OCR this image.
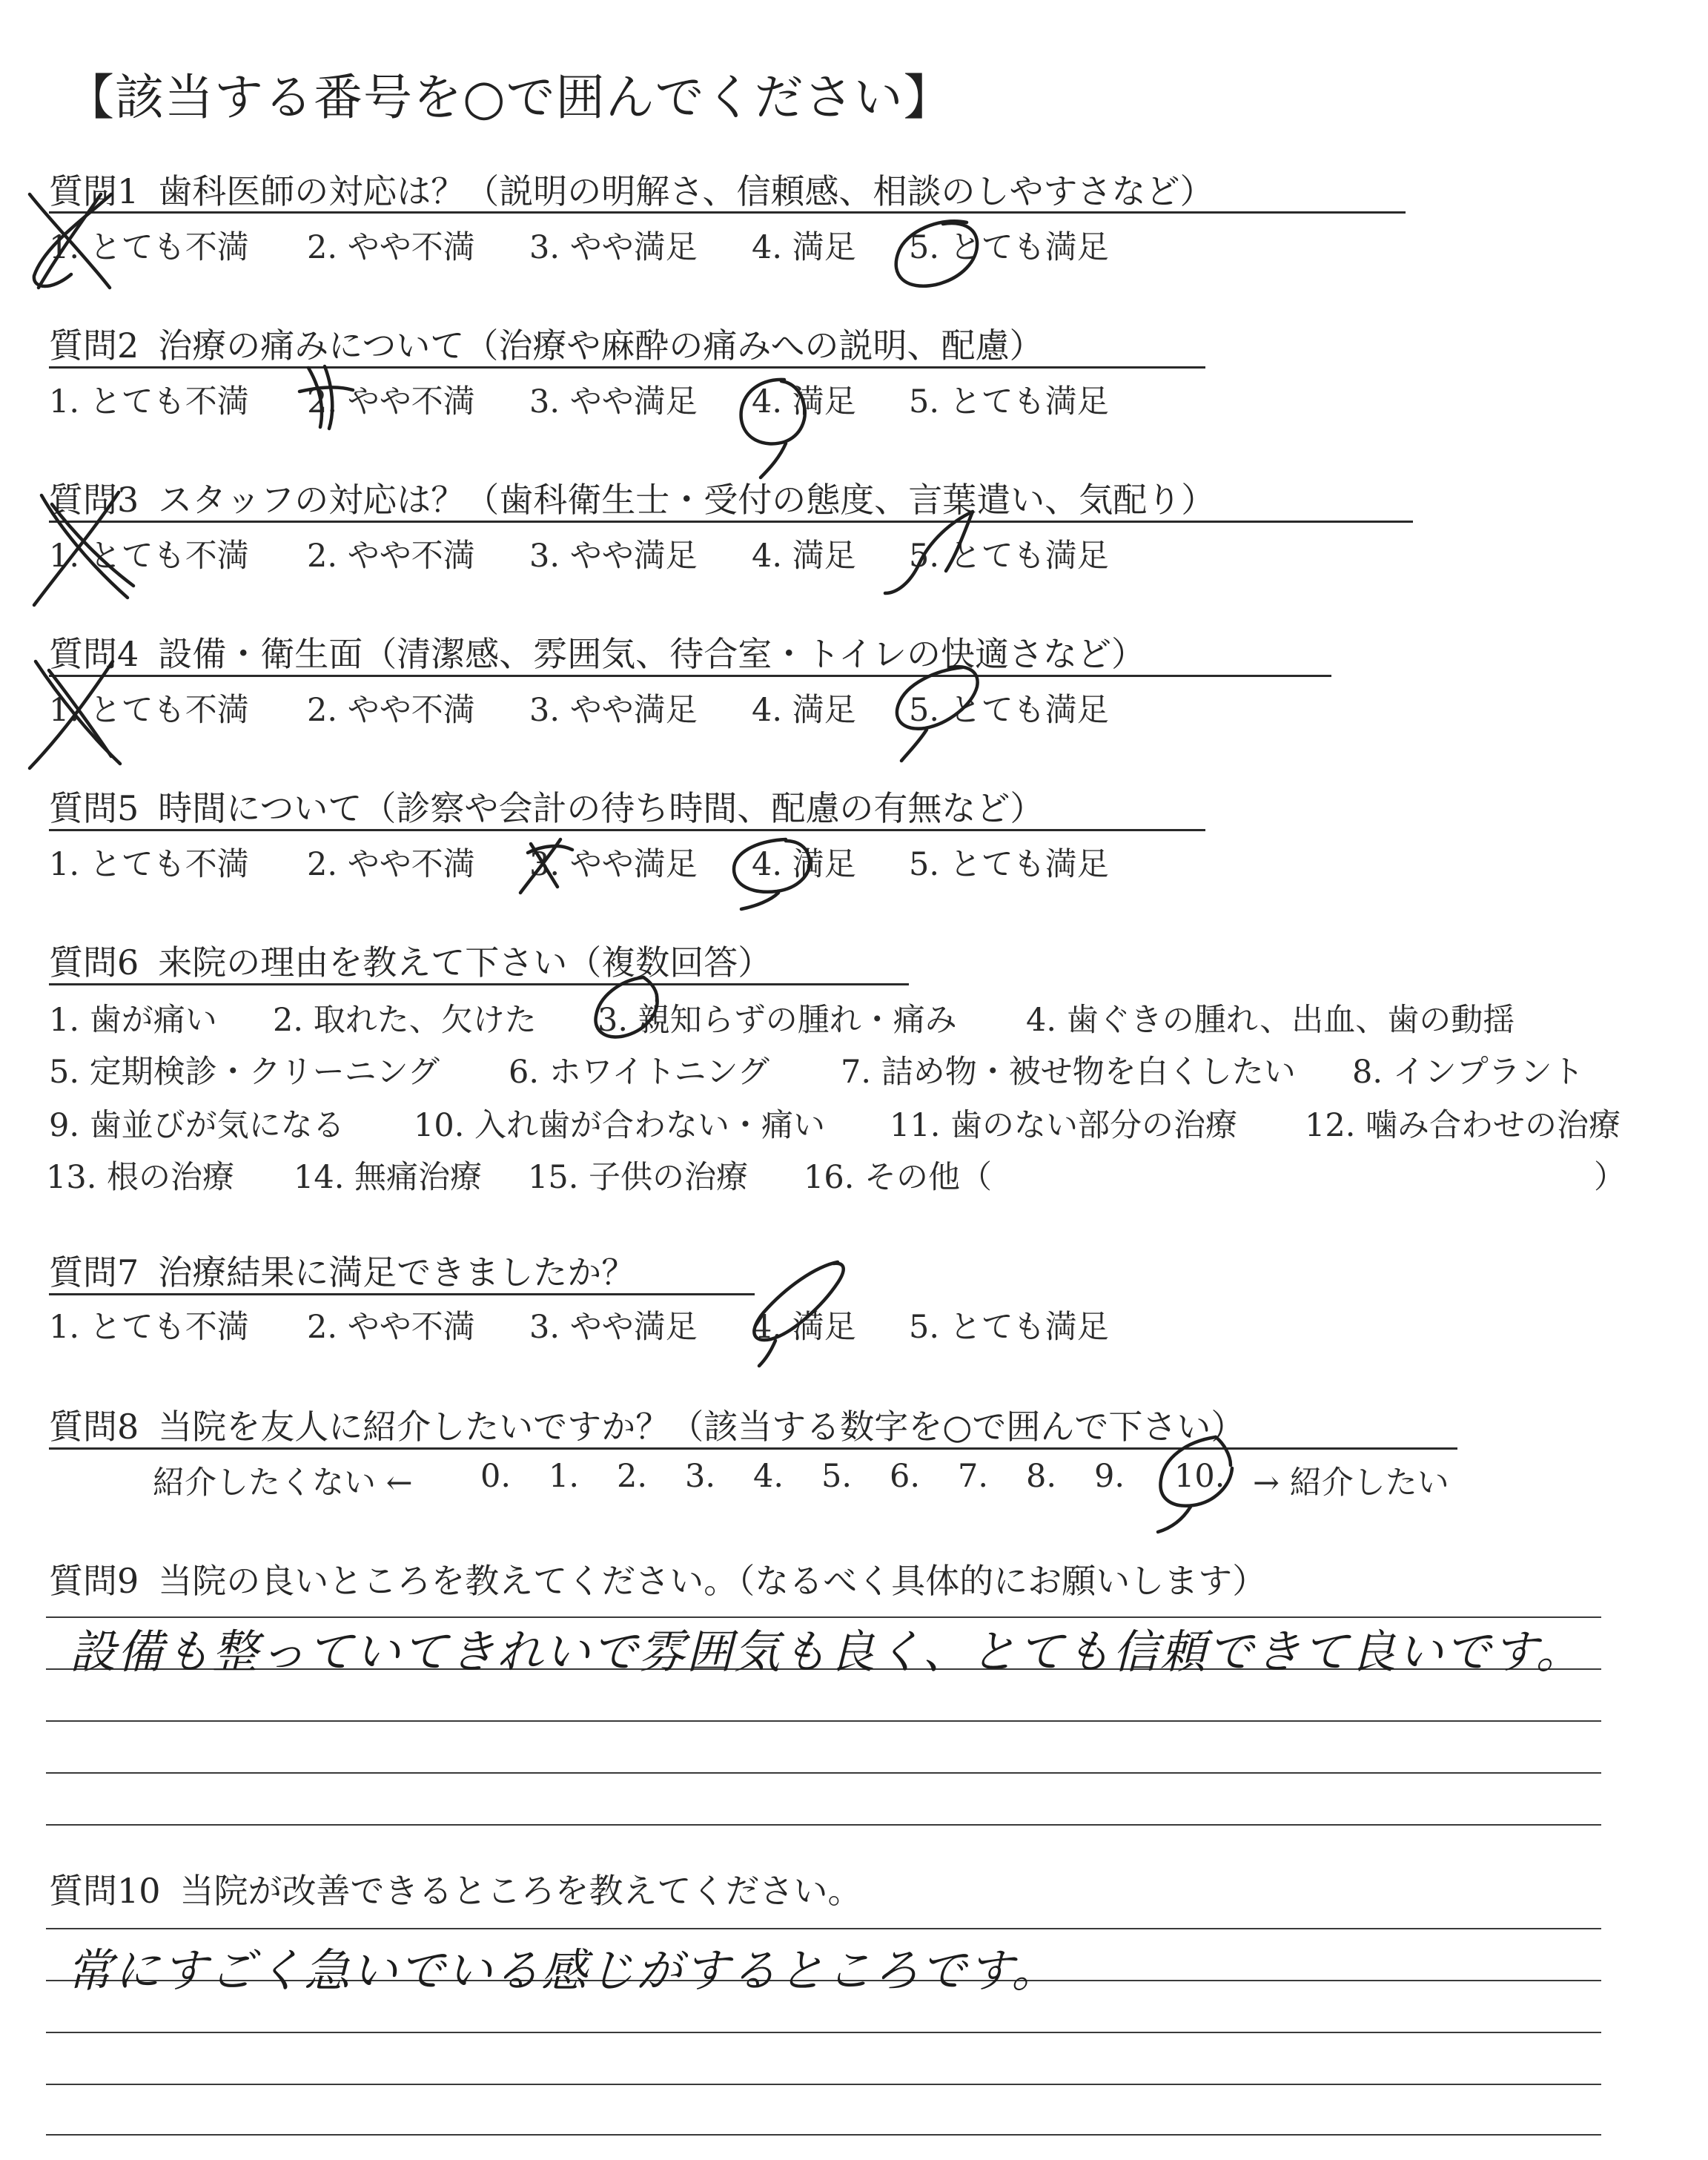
【該当する番号を○で囲んでください】
質問1 歯科医師の対応は？（説明の明解さ、信頼感、相談のしやすさなど）
1. とても不満 2. やや不満 3. やや満足 4. 満足 5. とても満足
質問2 治療の痛みについて（治療や麻酔の痛みへの説明、配慮）
1. とても不満 2. やや不満 3. やや満足 4. 満足 5. とても満足
質問3 スタッフの対応は？（歯科衛生士・受付の態度、言葉遣い、気配り）
1. とても不満 2. やや不満 3. やや満足 4. 満足 5. とても満足
質問4 設備・衛生面（清潔感、雰囲気、待合室・トイレの快適さなど）
1. とても不満 2. やや不満 3. やや満足 4. 満足 5. とても満足
質問5 時間について（診察や会計の待ち時間、配慮の有無など）
1. とても不満 2. やや不満 3. やや満足 4. 満足 5. とても満足
質問6 来院の理由を教えて下さい（複数回答）
1. 歯が痛い 2. 取れた、欠けた 3. 親知らずの腫れ・痛み 4. 歯ぐきの腫れ、出血、歯の動揺
5. 定期検診・クリーニング 6. ホワイトニング 7. 詰め物・被せ物を白くしたい 8. インプラント
9. 歯並びが気になる 10. 入れ歯が合わない・痛い 11. 歯のない部分の治療 12. 噛み合わせの治療
13. 根の治療 14. 無痛治療 15. 子供の治療 16. その他（	）
質問7 治療結果に満足できましたか？
1. とても不満 2. やや不満 3. やや満足 4. 満足 5. とても満足
質問8 当院を友人に紹介したいですか？（該当する数字を○で囲んで下さい）
紹介したくない ← 0. 1. 2. 3. 4. 5. 6. 7. 8. 9. 10. → 紹介したい
質問9 当院の良いところを教えてください。（なるべく具体的にお願いします）
設備も整っていてきれいで雰囲気も良く、とても信頼できて良いです。
質問10 当院が改善できるところを教えてください。
常にすごく急いでいる感じがするところです。
